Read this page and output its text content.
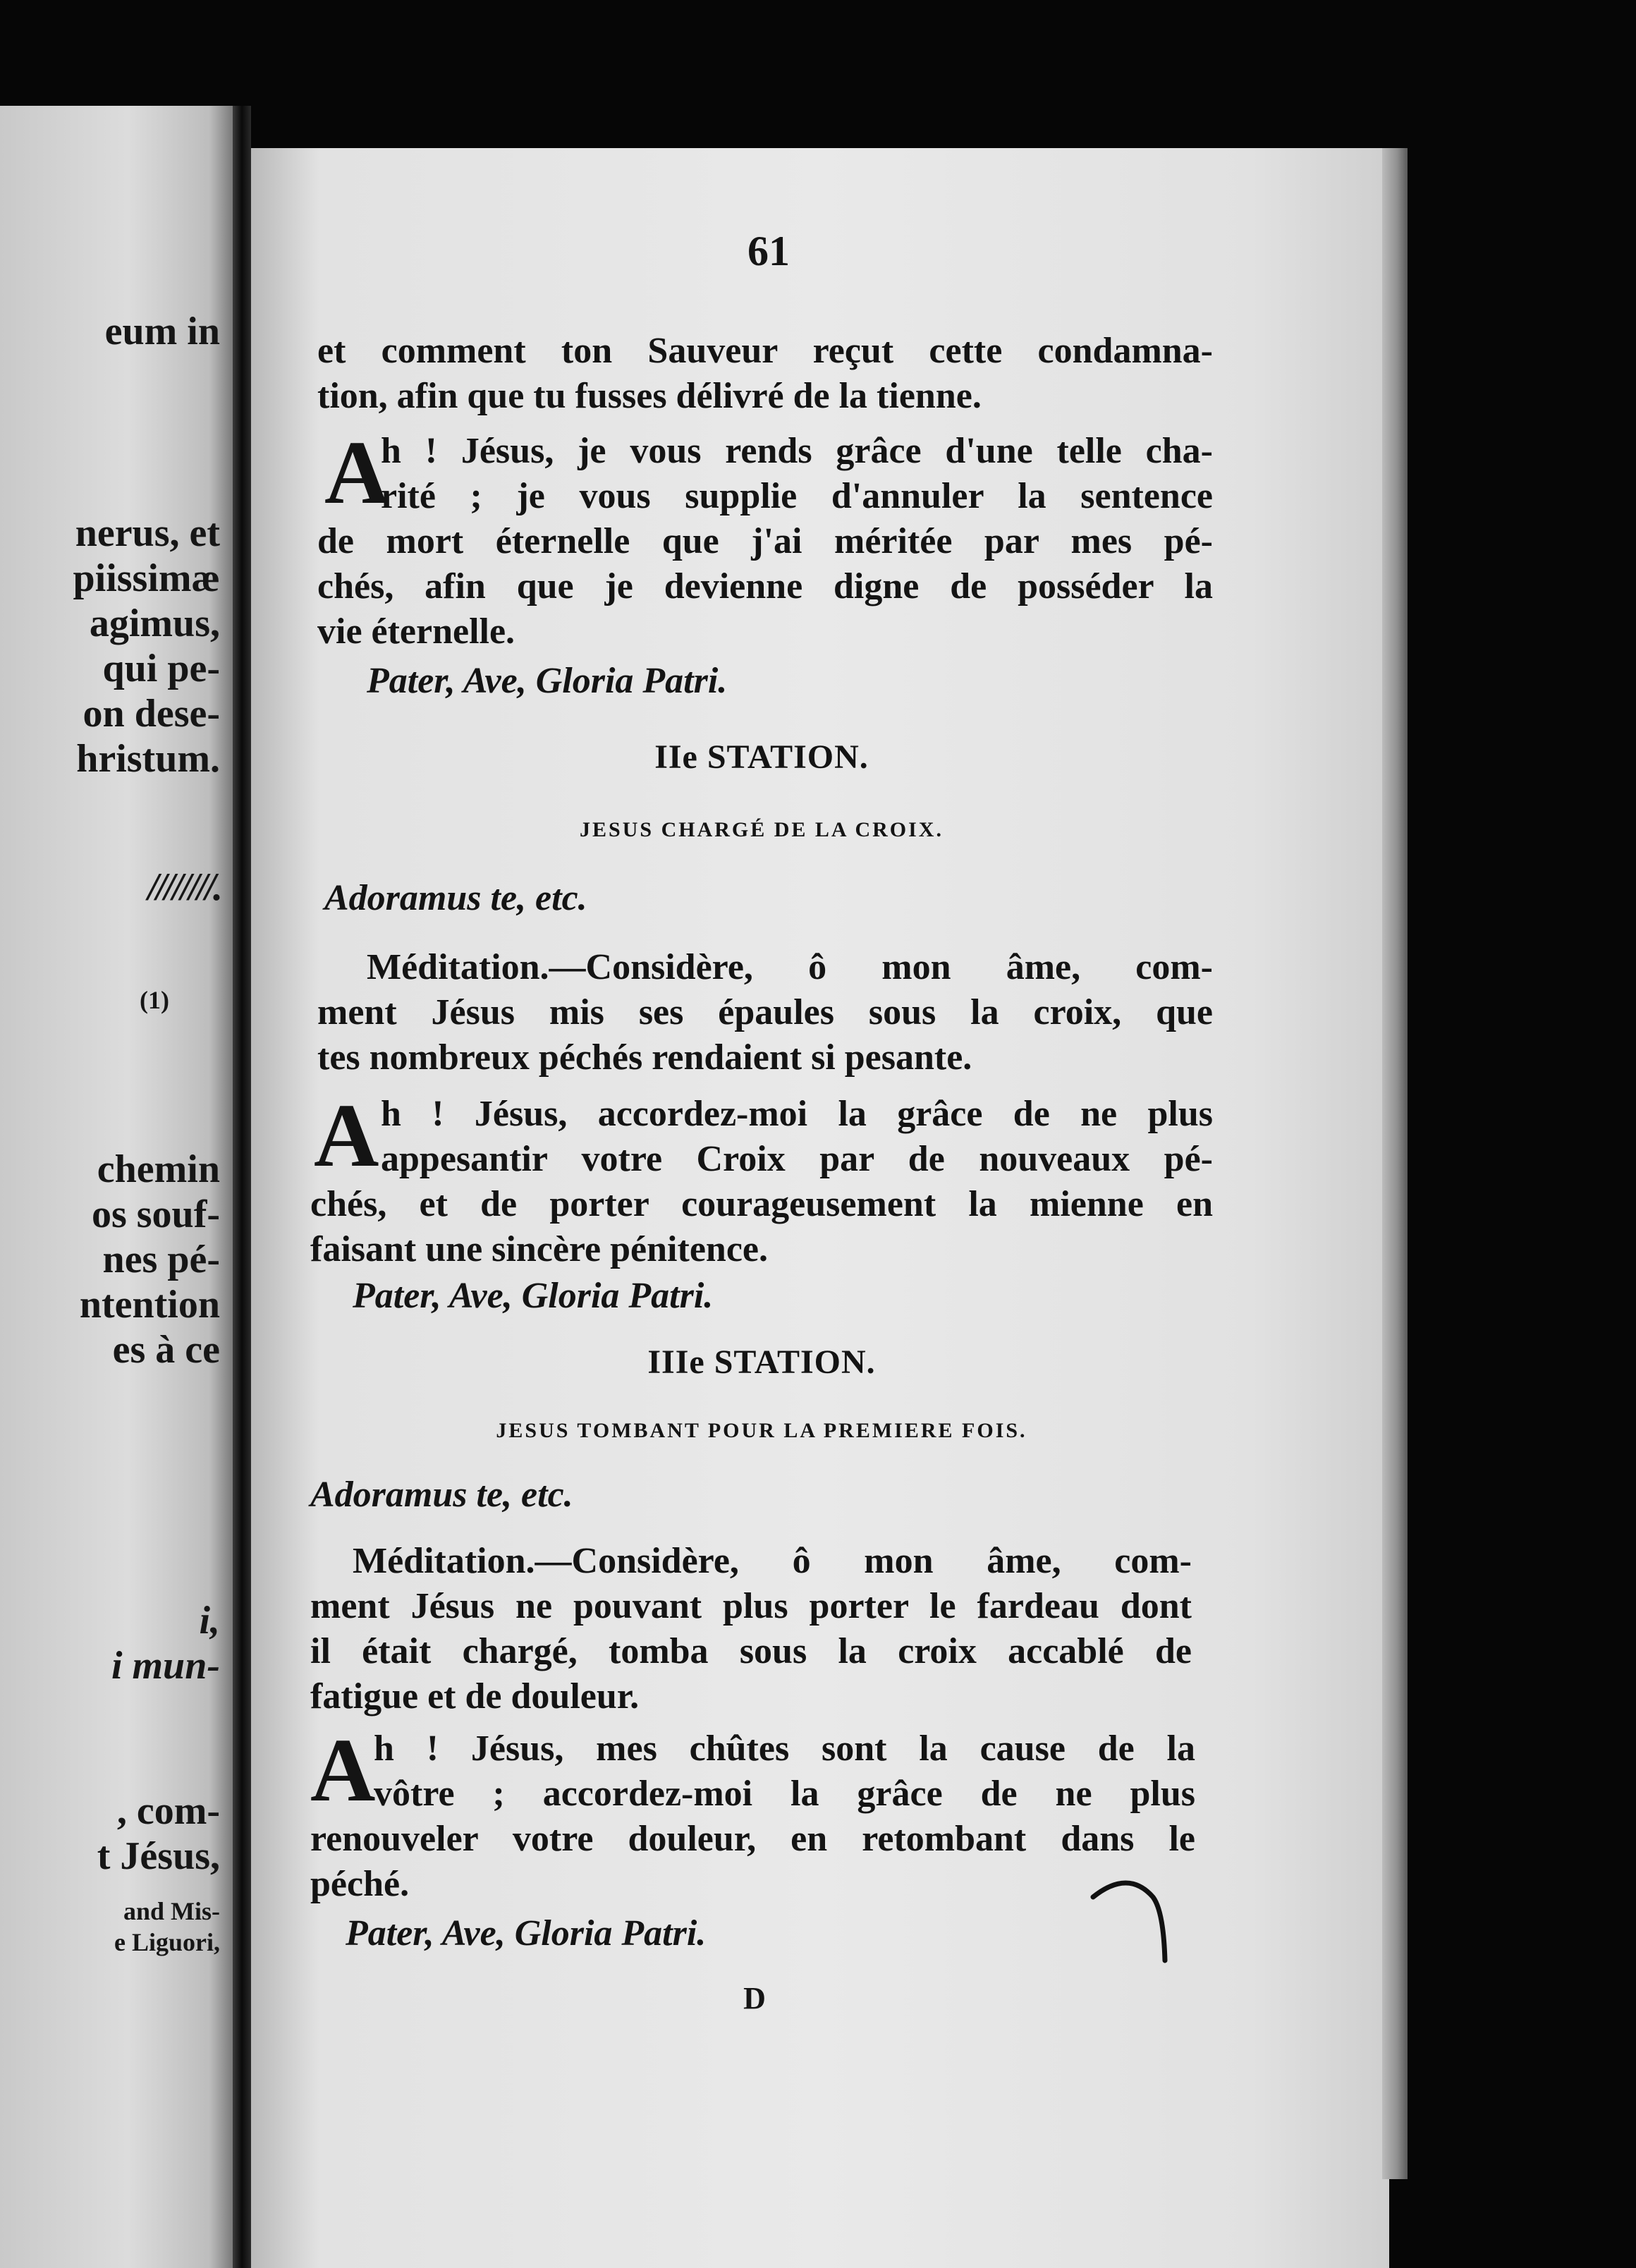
eum in

nerus, et

piissimæ

agimus,

qui pe-

on dese-

hristum.

////////.

(1)

chemin

os souf-

nes pé-

ntention

es à ce

i,

i mun-

, com-

t Jésus,

and Mis-

e Liguori,

61

et comment ton Sauveur reçut cette condamna-

tion, afin que tu fusses délivré de la tienne.

A

h ! Jésus, je vous rends grâce d'une telle cha-

rité ; je vous supplie d'annuler la sentence

de mort éternelle que j'ai méritée par mes pé-

chés, afin que je devienne digne de posséder la

vie éternelle.

Pater, Ave, Gloria Patri.

IIe STATION.

JESUS CHARGÉ DE LA CROIX.

Adoramus te, etc.

Méditation.—Considère, ô mon âme, com-

ment Jésus mis ses épaules sous la croix, que

tes nombreux péchés rendaient si pesante.

A h ! Jésus, accordez-moi la grâce de ne plus

appesantir votre Croix par de nouveaux pé-

chés, et de porter courageusement la mienne en

faisant une sincère pénitence.

Pater, Ave, Gloria Patri.

IIIe STATION.

JESUS TOMBANT POUR LA PREMIERE FOIS.

Adoramus te, etc.

Méditation.—Considère, ô mon âme, com-

ment Jésus ne pouvant plus porter le fardeau dont

il était chargé, tomba sous la croix accablé de

fatigue et de douleur.

A

h ! Jésus, mes chûtes sont la cause de la

vôtre ; accordez-moi la grâce de ne plus

renouveler votre douleur, en retombant dans le

péché.

Pater, Ave, Gloria Patri.

D
